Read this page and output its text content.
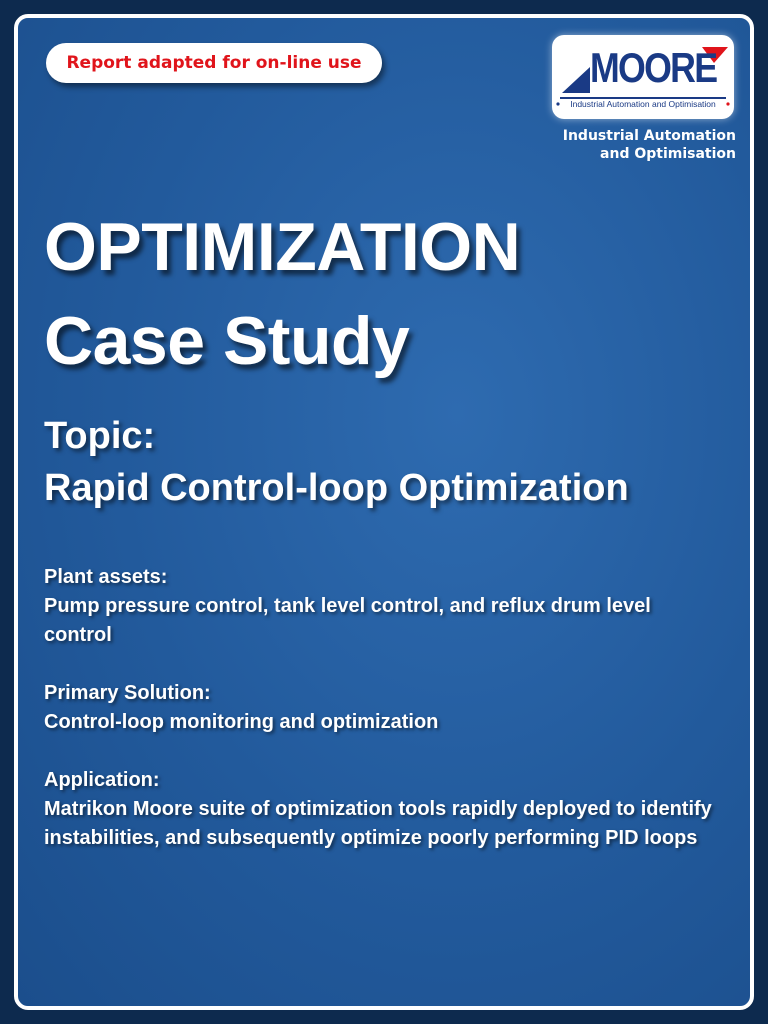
Report adapted for on-line use	MOORE
Industrial Automation and Optimisation
Industrial Automation
and Optimisation
OPTIMIZATION
Case Study
Topic:
Rapid Control-loop Optimization
Plant assets:
Pump pressure control, tank level control, and reflux drum level control
Primary Solution:
Control-loop monitoring and optimization
Application:
Matrikon Moore suite of optimization tools rapidly deployed to identify instabilities, and subsequently optimize poorly performing PID loops
